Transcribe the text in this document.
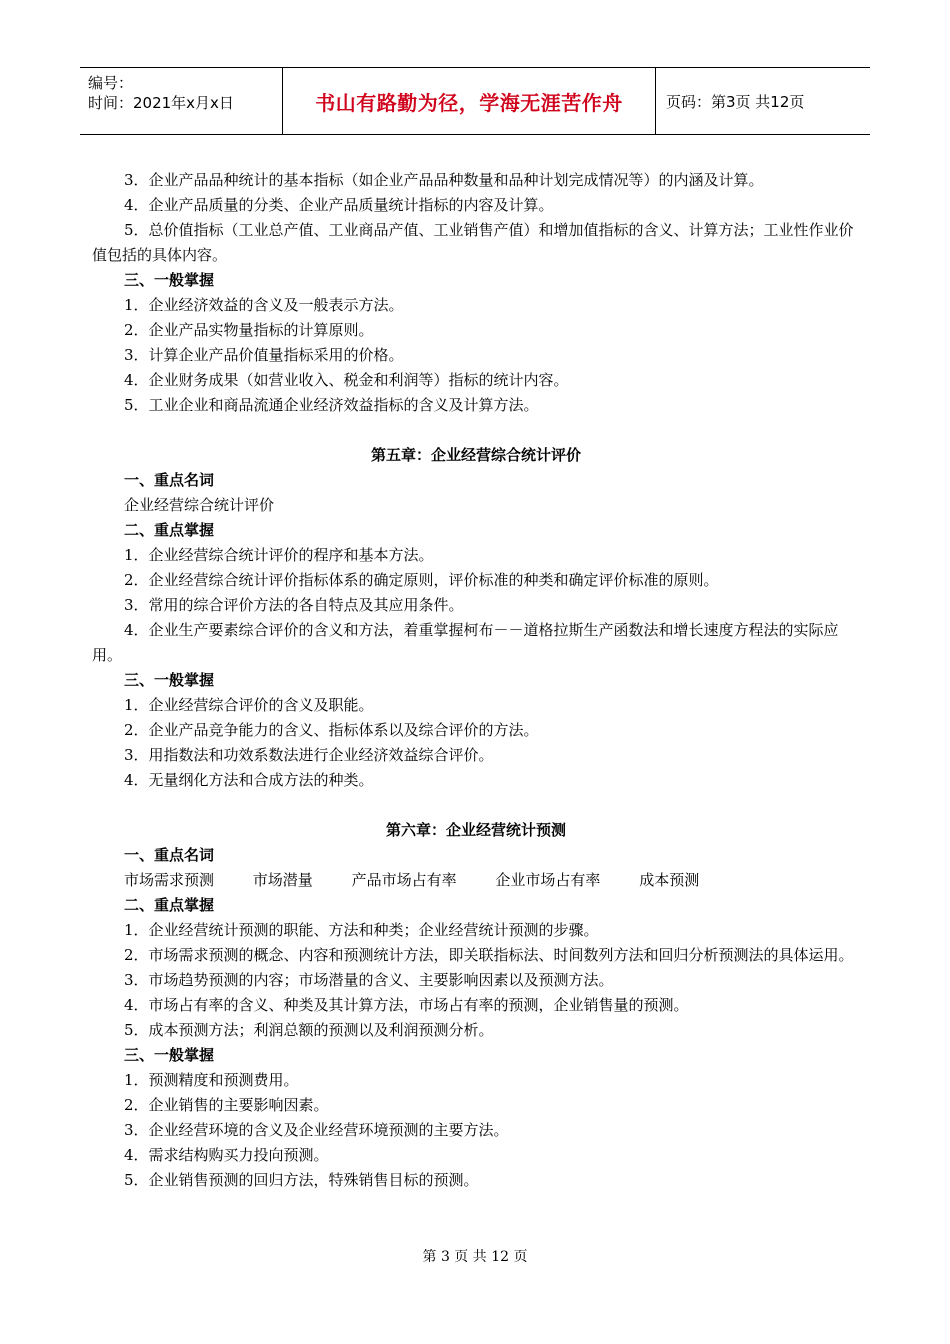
编号：
时间：2021年x月x日	书山有路勤为径，学海无涯苦作舟	页码：第3页 共12页
3．企业产品品种统计的基本指标（如企业产品品种数量和品种计划完成情况等）的内涵及计算。
4．企业产品质量的分类、企业产品质量统计指标的内容及计算。
5．总价值指标（工业总产值、工业商品产值、工业销售产值）和增加值指标的含义、计算方法；工业性作业价值包括的具体内容。
三、一般掌握
1．企业经济效益的含义及一般表示方法。
2．企业产品实物量指标的计算原则。
3．计算企业产品价值量指标采用的价格。
4．企业财务成果（如营业收入、税金和利润等）指标的统计内容。
5．工业企业和商品流通企业经济效益指标的含义及计算方法。
第五章：企业经营综合统计评价
一、重点名词
企业经营综合统计评价
二、重点掌握
1．企业经营综合统计评价的程序和基本方法。
2．企业经营综合统计评价指标体系的确定原则，评价标准的种类和确定评价标准的原则。
3．常用的综合评价方法的各自特点及其应用条件。
4．企业生产要素综合评价的含义和方法，着重掌握柯布－－道格拉斯生产函数法和增长速度方程法的实际应用。
三、一般掌握
1．企业经营综合评价的含义及职能。
2．企业产品竞争能力的含义、指标体系以及综合评价的方法。
3．用指数法和功效系数法进行企业经济效益综合评价。
4．无量纲化方法和合成方法的种类。
第六章：企业经营统计预测
一、重点名词
市场需求预测	市场潜量	产品市场占有率	企业市场占有率	成本预测
二、重点掌握
1．企业经营统计预测的职能、方法和种类；企业经营统计预测的步骤。
2．市场需求预测的概念、内容和预测统计方法，即关联指标法、时间数列方法和回归分析预测法的具体运用。
3．市场趋势预测的内容；市场潜量的含义、主要影响因素以及预测方法。
4．市场占有率的含义、种类及其计算方法，市场占有率的预测，企业销售量的预测。
5．成本预测方法；利润总额的预测以及利润预测分析。
三、一般掌握
1．预测精度和预测费用。
2．企业销售的主要影响因素。
3．企业经营环境的含义及企业经营环境预测的主要方法。
4．需求结构购买力投向预测。
5．企业销售预测的回归方法，特殊销售目标的预测。
第 3 页 共 12 页
